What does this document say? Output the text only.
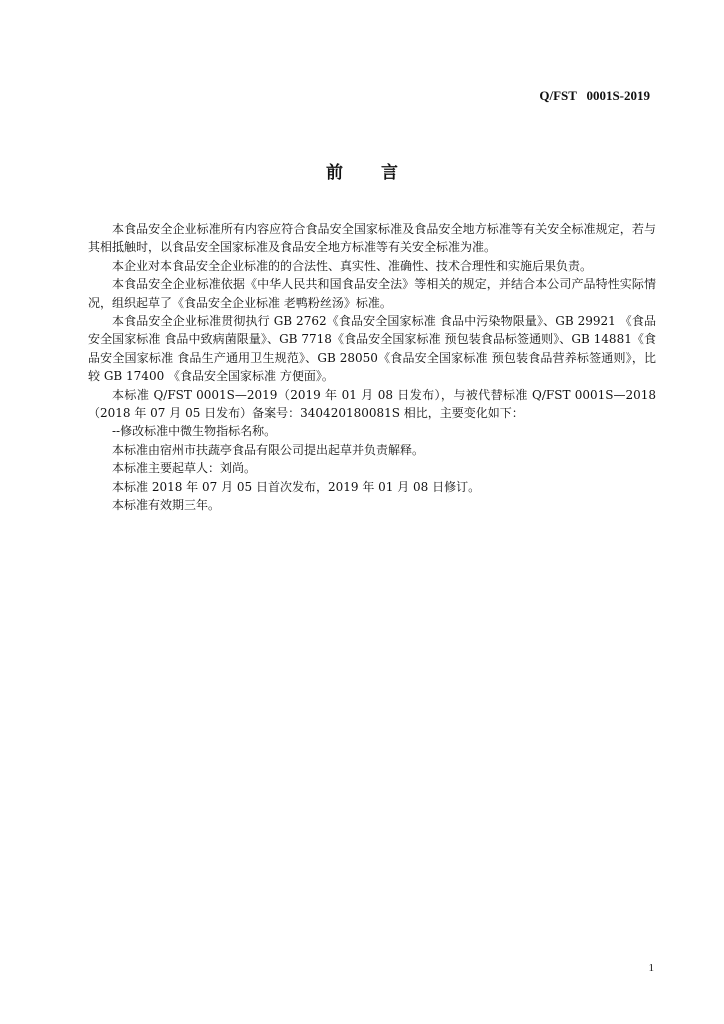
Q/FST   0001S-2019
前言

本食品安全企业标准所有内容应符合食品安全国家标准及食品安全地方标准等有关安全标准规定，若与其相抵触时，以食品安全国家标准及食品安全地方标准等有关安全标准为准。

本企业对本食品安全企业标准的的合法性、真实性、准确性、技术合理性和实施后果负责。

本食品安全企业标准依据《中华人民共和国食品安全法》等相关的规定，并结合本公司产品特性实际情况，组织起草了《食品安全企业标准 老鸭粉丝汤》标准。

本食品安全企业标准贯彻执行 GB 2762《食品安全国家标准 食品中污染物限量》、GB 29921 《食品安全国家标准 食品中致病菌限量》、GB 7718《食品安全国家标准 预包装食品标签通则》、GB 14881《食品安全国家标准 食品生产通用卫生规范》、GB 28050《食品安全国家标准 预包装食品营养标签通则》，比较 GB 17400 《食品安全国家标准 方便面》。

本标准 Q/FST 0001S—2019（2019 年 01 月 08 日发布），与被代替标准 Q/FST 0001S—2018（2018 年 07 月 05 日发布）备案号：340420180081S 相比，主要变化如下：

--修改标准中微生物指标名称。

本标准由宿州市扶蔬亭食品有限公司提出起草并负责解释。

本标准主要起草人：刘尚。

本标准 2018 年 07 月 05 日首次发布，2019 年 01 月 08 日修订。

本标准有效期三年。

1
